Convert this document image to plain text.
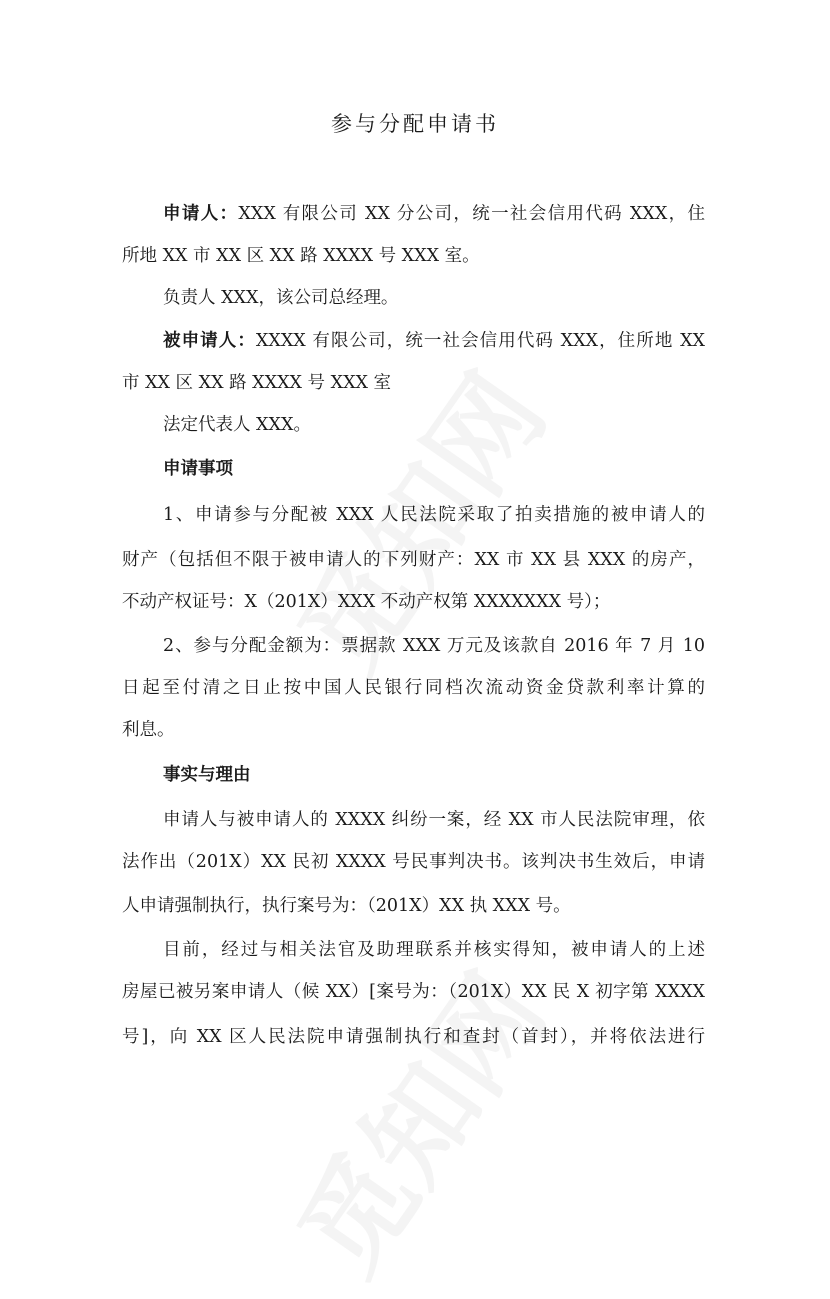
参与分配申请书
申请人：XXX 有限公司 XX 分公司，统一社会信用代码 XXX，住
所地 XX 市 XX 区 XX 路 XXXX 号 XXX 室。
负责人 XXX，该公司总经理。
被申请人：XXXX 有限公司，统一社会信用代码 XXX，住所地 XX
市 XX 区 XX 路 XXXX 号 XXX 室
法定代表人 XXX。
申请事项
1、申请参与分配被 XXX 人民法院采取了拍卖措施的被申请人的
财产（包括但不限于被申请人的下列财产：XX 市 XX 县 XXX 的房产，
不动产权证号：X（201X）XXX 不动产权第 XXXXXXX 号）；
2、参与分配金额为：票据款 XXX 万元及该款自 2016 年 7 月 10
日起至付清之日止按中国人民银行同档次流动资金贷款利率计算的
利息。
事实与理由
申请人与被申请人的 XXXX 纠纷一案，经 XX 市人民法院审理，依
法作出（201X）XX 民初 XXXX 号民事判决书。该判决书生效后，申请
人申请强制执行，执行案号为：（201X）XX 执 XXX 号。
目前，经过与相关法官及助理联系并核实得知，被申请人的上述
房屋已被另案申请人（候 XX）[案号为：（201X）XX 民 X 初字第 XXXX
号]，向 XX 区人民法院申请强制执行和查封（首封），并将依法进行
